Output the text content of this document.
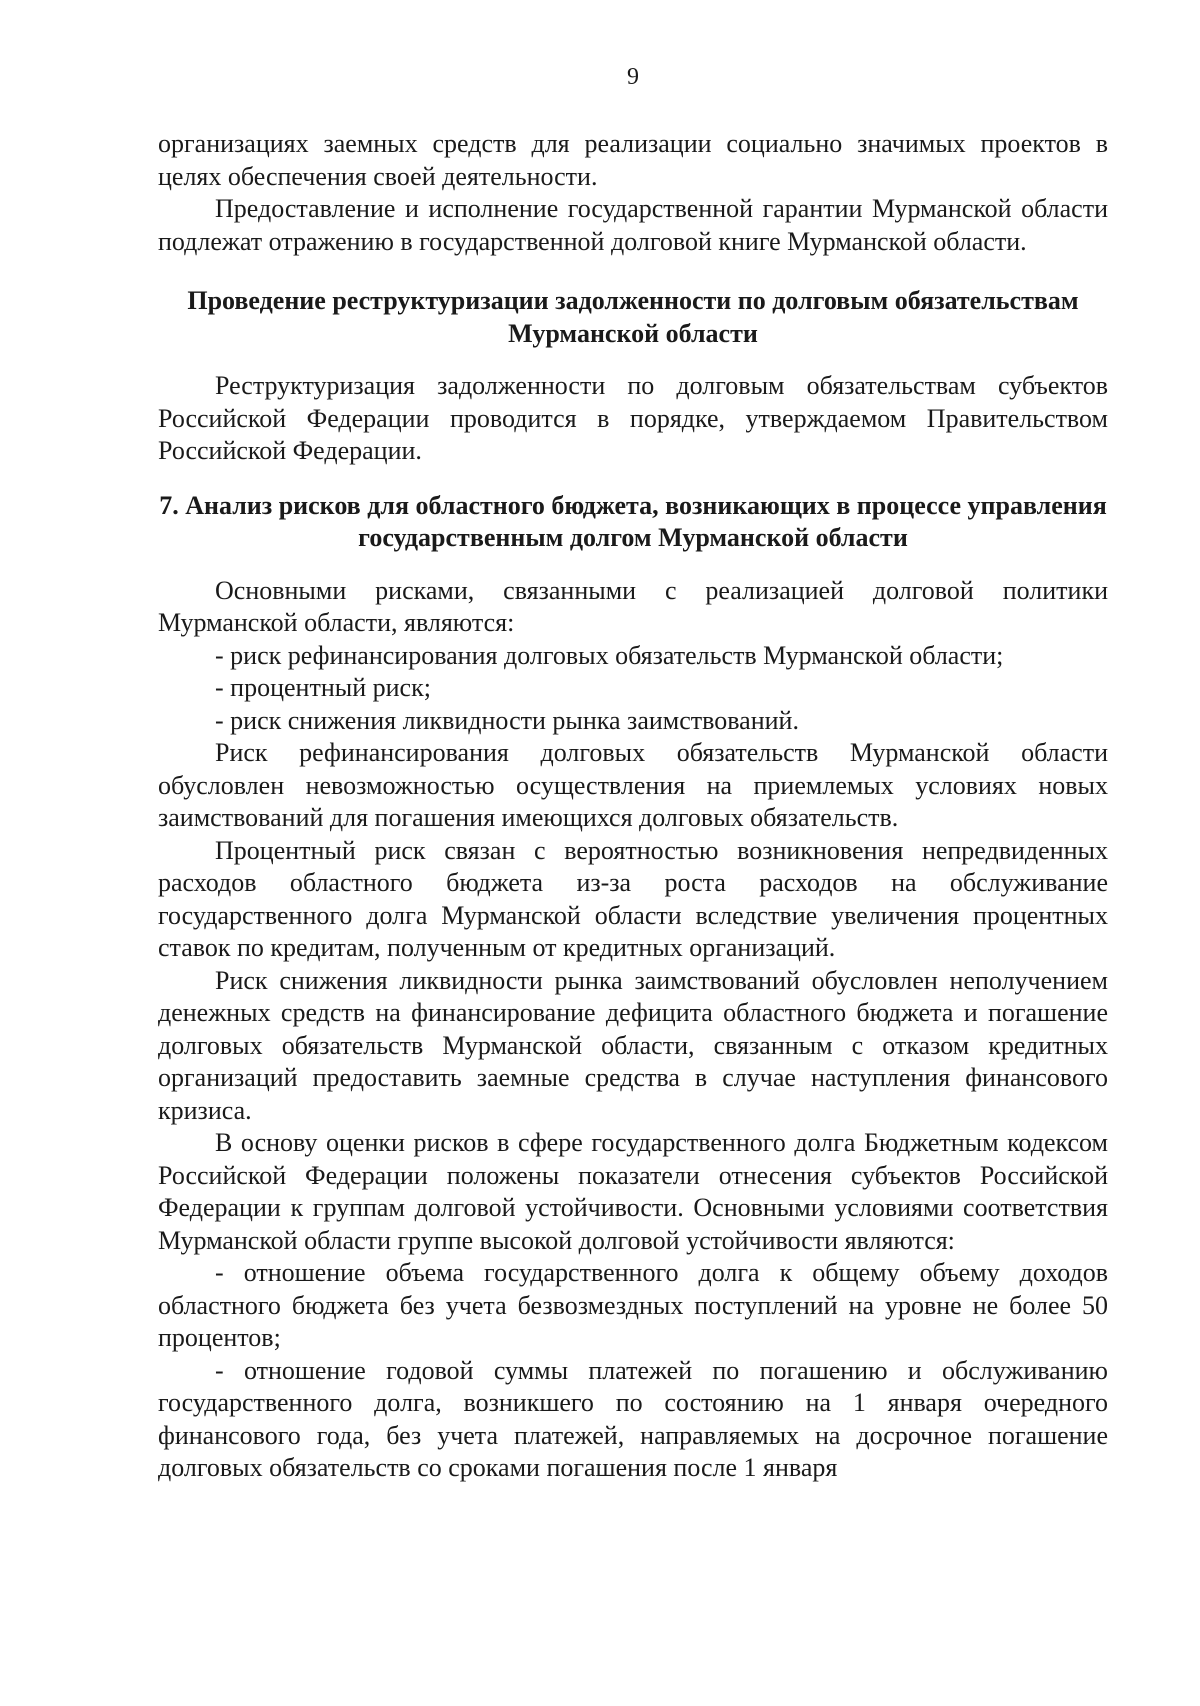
9

организациях заемных средств для реализации социально значимых проектов в целях обеспечения своей деятельности.

Предоставление и исполнение государственной гарантии Мурманской области подлежат отражению в государственной долговой книге Мурманской области.

Проведение реструктуризации задолженности по долговым обязательствам Мурманской области

Реструктуризация задолженности по долговым обязательствам субъектов Российской Федерации проводится в порядке, утверждаемом Правительством Российской Федерации.

7. Анализ рисков для областного бюджета, возникающих в процессе управления государственным долгом Мурманской области

Основными рисками, связанными с реализацией долговой политики Мурманской области, являются:

- риск рефинансирования долговых обязательств Мурманской области;
- процентный риск;
- риск снижения ликвидности рынка заимствований.

Риск рефинансирования долговых обязательств Мурманской области обусловлен невозможностью осуществления на приемлемых условиях новых заимствований для погашения имеющихся долговых обязательств.

Процентный риск связан с вероятностью возникновения непредвиденных расходов областного бюджета из-за роста расходов на обслуживание государственного долга Мурманской области вследствие увеличения процентных ставок по кредитам, полученным от кредитных организаций.

Риск снижения ликвидности рынка заимствований обусловлен неполучением денежных средств на финансирование дефицита областного бюджета и погашение долговых обязательств Мурманской области, связанным с отказом кредитных организаций предоставить заемные средства в случае наступления финансового кризиса.

В основу оценки рисков в сфере государственного долга Бюджетным кодексом Российской Федерации положены показатели отнесения субъектов Российской Федерации к группам долговой устойчивости. Основными условиями соответствия Мурманской области группе высокой долговой устойчивости являются:

- отношение объема государственного долга к общему объему доходов областного бюджета без учета безвозмездных поступлений на уровне не более 50 процентов;
- отношение годовой суммы платежей по погашению и обслуживанию государственного долга, возникшего по состоянию на 1 января очередного финансового года, без учета платежей, направляемых на досрочное погашение долговых обязательств со сроками погашения после 1 января
